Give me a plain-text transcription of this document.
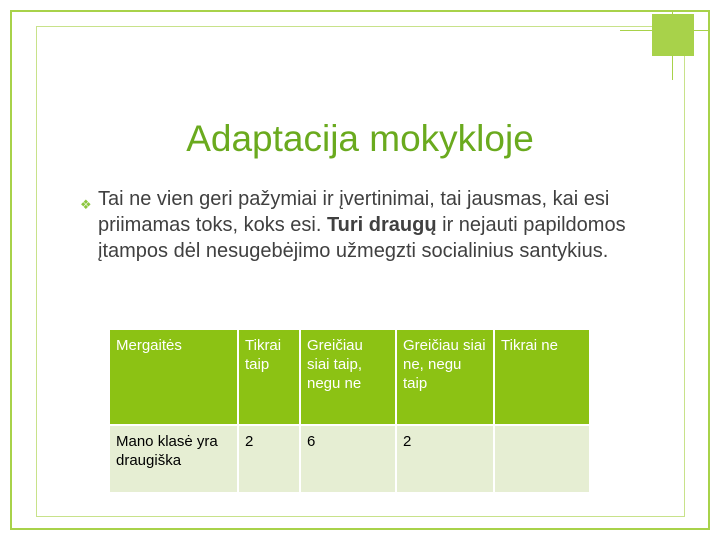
Adaptacija mokykloje
❖ Tai ne vien geri pažymiai ir įvertinimai, tai jausmas, kai esi priimamas toks, koks esi. Turi draugų ir nejauti papildomos įtampos dėl nesugebėjimo užmegzti socialinius santykius.
Mergaitės	Tikrai taip	Greičiau siai taip, negu ne	Greičiau siai ne, negu taip	Tikrai ne
Mano klasė yra draugiška	2	6	2	
